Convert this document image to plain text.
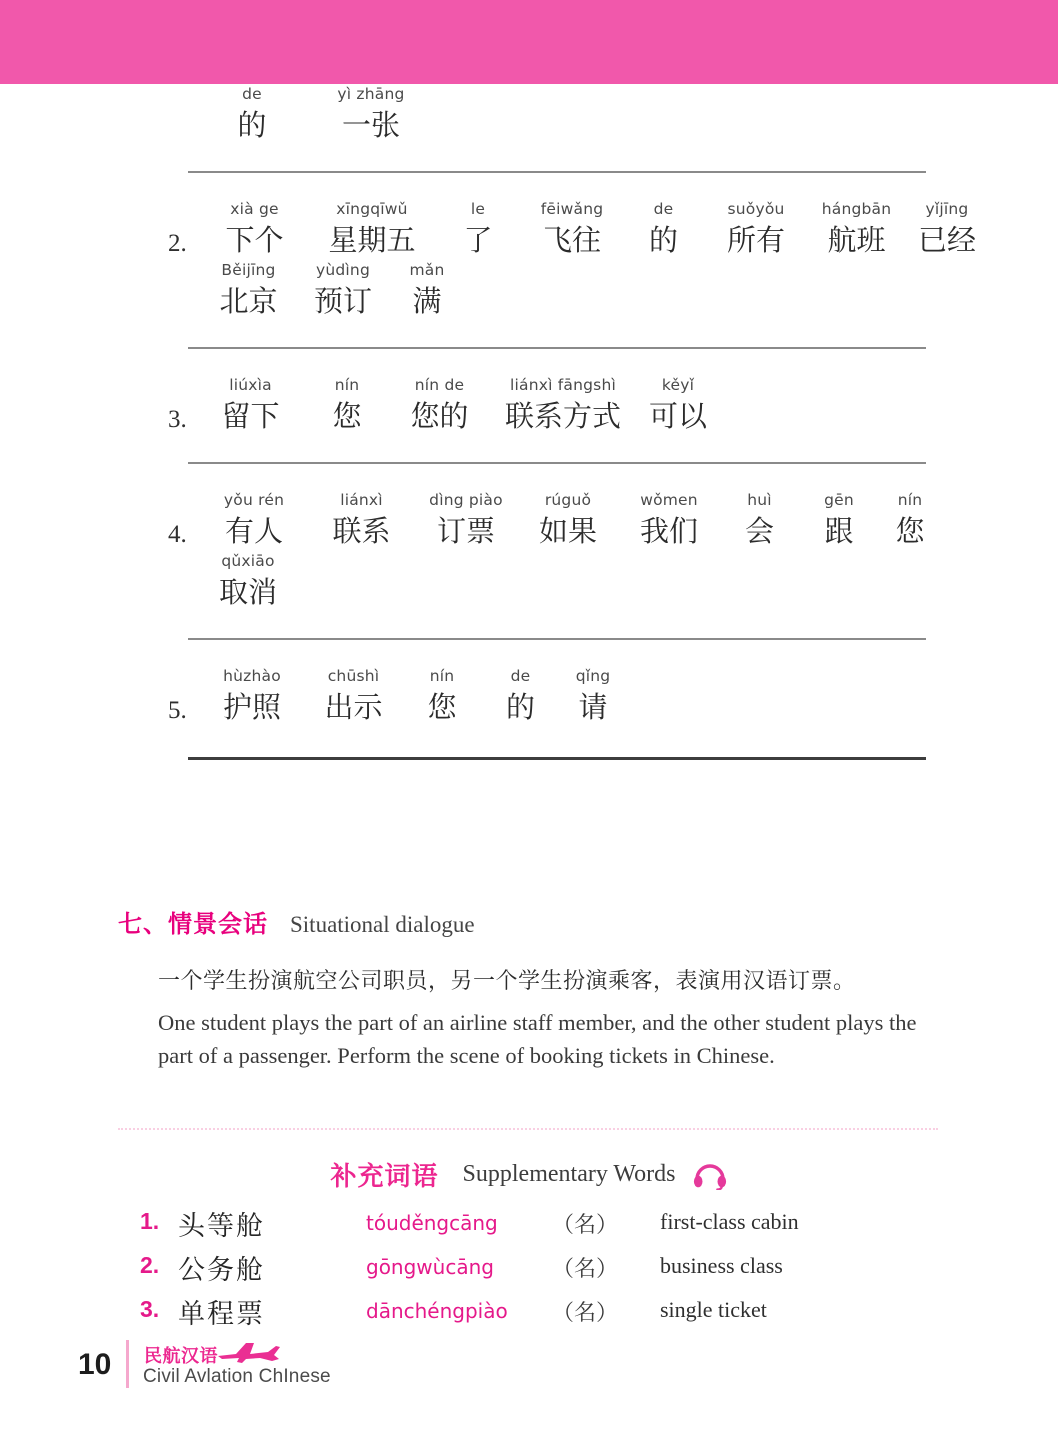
de
的
yì zhāng
一张
2.
xià ge
下个
xīngqīwǔ
星期五
le
了
fēiwǎng
飞往
de
的
suǒyǒu
所有
hángbān
航班
yǐjīng
已经
Běijīng
北京
yùdìng
预订
mǎn
满
3.
liúxìa
留下
nín
您
nín de
您的
liánxì fāngshì
联系方式
kěyǐ
可以
4.
yǒu rén
有人
liánxì
联系
dìng piào
订票
rúguǒ
如果
wǒmen
我们
huì
会
gēn
跟
nín
您
qǔxiāo
取消
5.
hùzhào
护照
chūshì
出示
nín
您
de
的
qǐng
请
七、情景会话 Situational dialogue
一个学生扮演航空公司职员，另一个学生扮演乘客，表演用汉语订票。
One student plays the part of an airline staff member, and the other student plays the part of a passenger. Perform the scene of booking tickets in Chinese.
补充词语 Supplementary Words
1. 头等舱	tóuděngcāng （名） first-class cabin
2. 公务舱	gōngwùcāng	（名） business class
3. 单程票	dānchéngpiào （名） single ticket
10 民航汉语
Civil Avlation ChInese
